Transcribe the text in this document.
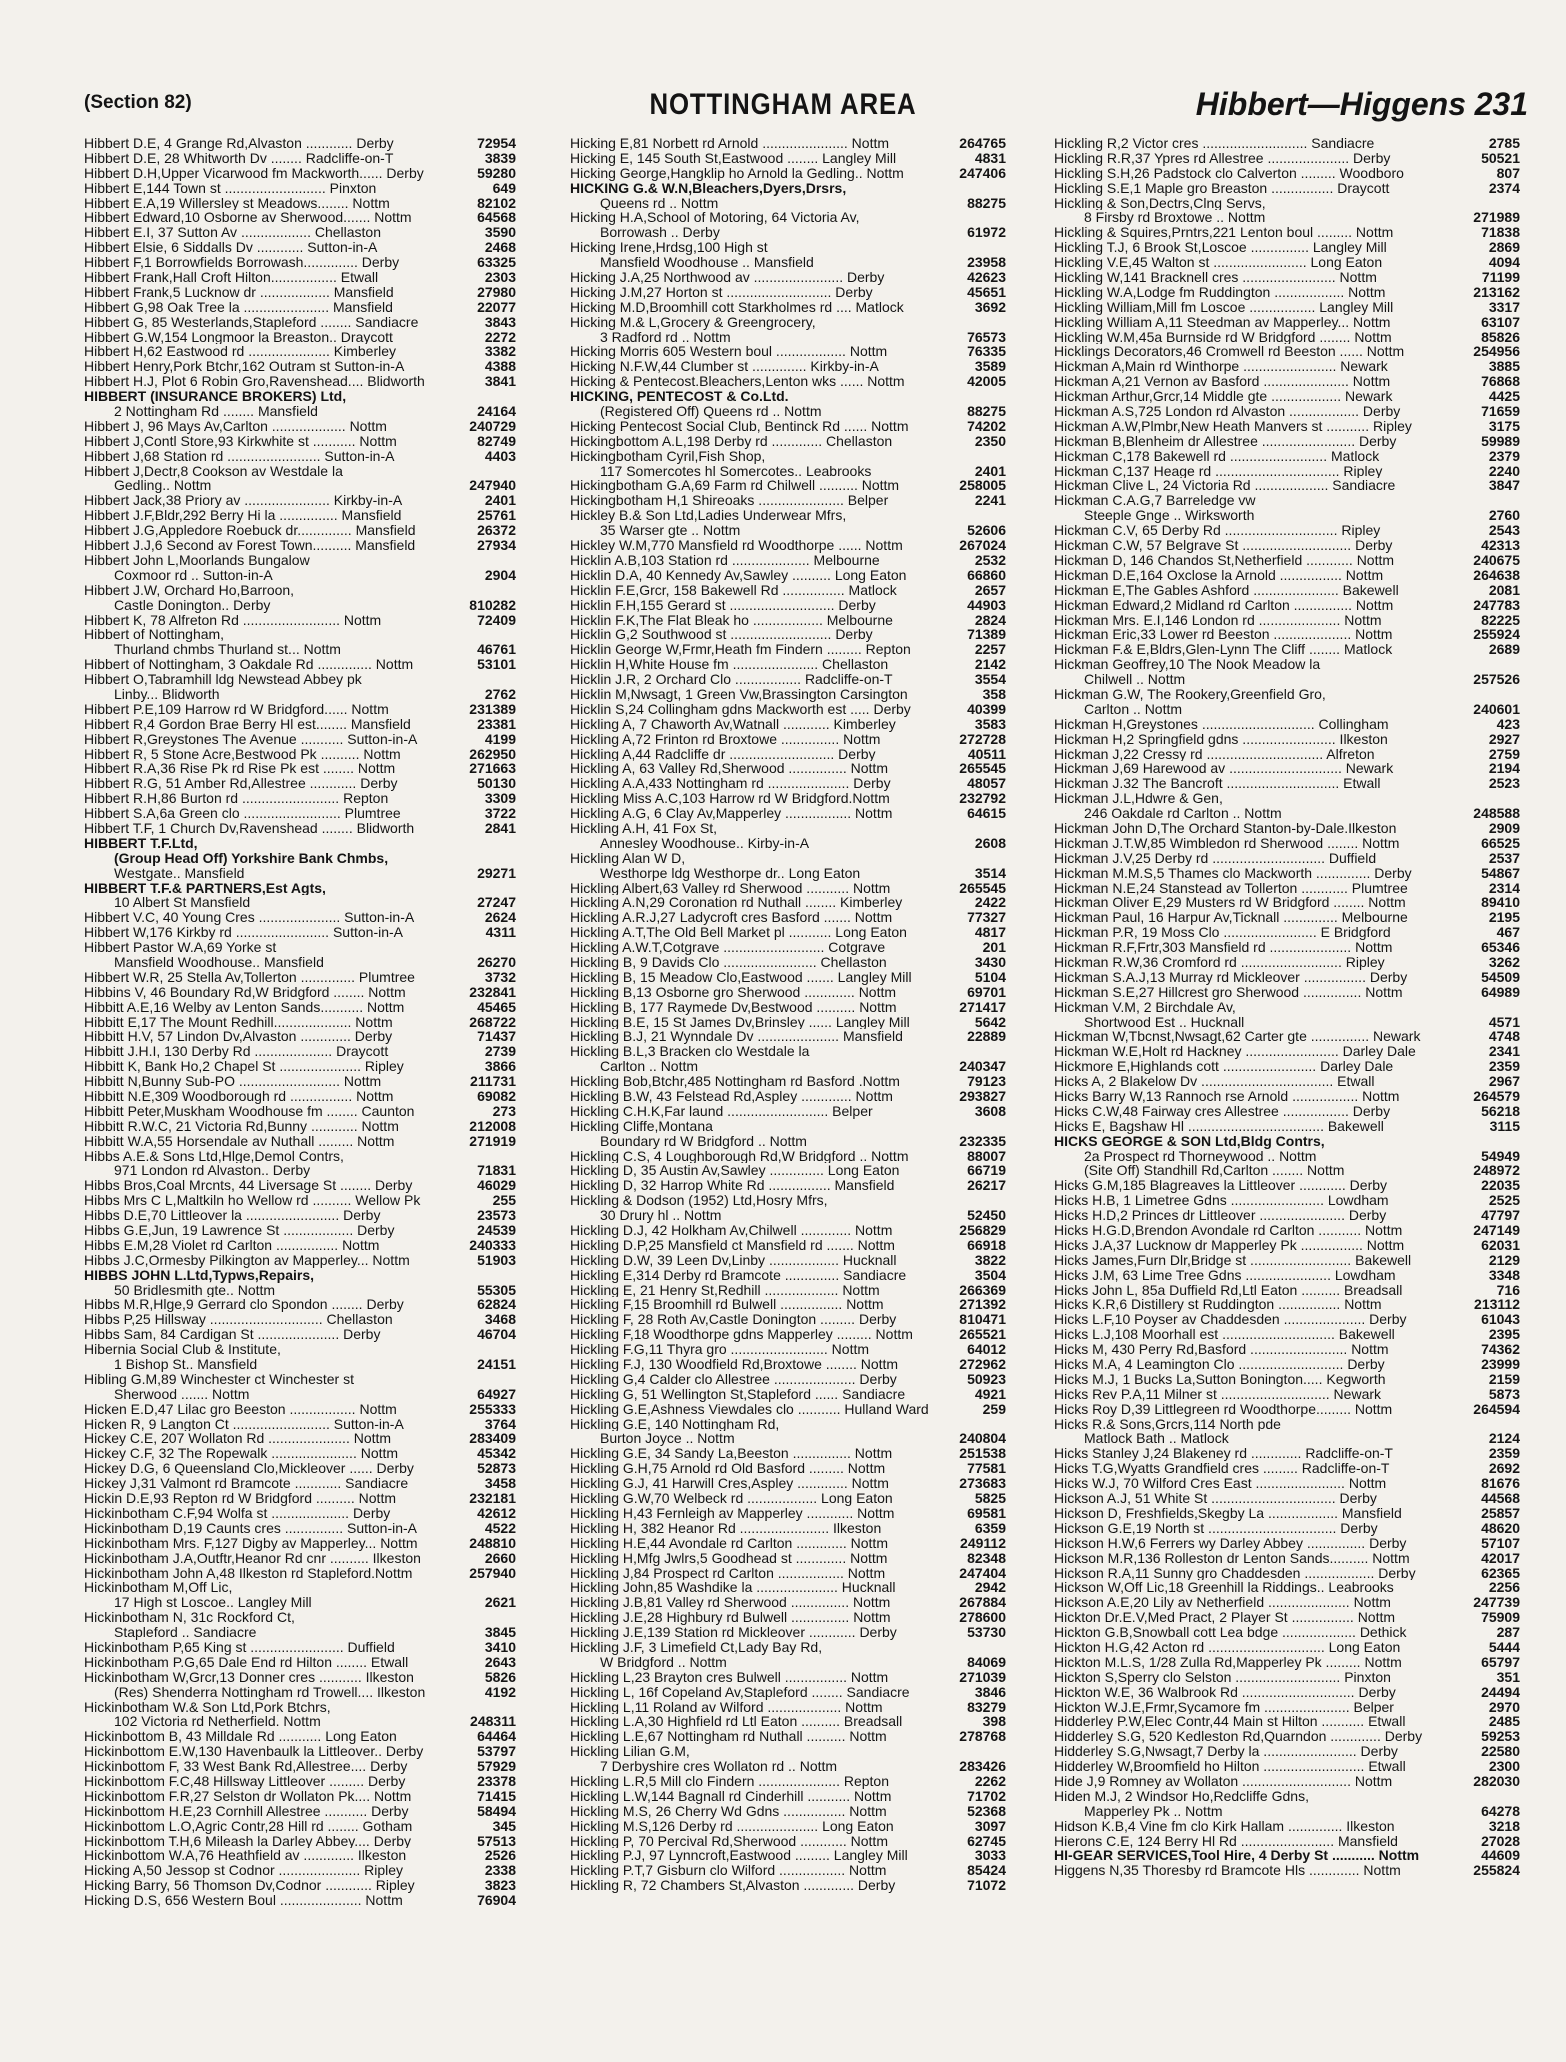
(Section 82)	NOTTINGHAM AREA	Hibbert—Higgens 231
Hibbert D.E, 4 Grange Rd,Alvaston ............ Derby	72954
Hibbert D.E, 28 Whitworth Dv ........ Radcliffe-on-T	3839
Hibbert D.H,Upper Vicarwood fm Mackworth...... Derby	59280
Hibbert E,144 Town st .......................... Pinxton	649
Hibbert E.A,19 Willersley st Meadows........ Nottm	82102
Hibbert Edward,10 Osborne av Sherwood....... Nottm	64568
Hibbert E.I, 37 Sutton Av .................. Chellaston	3590
Hibbert Elsie, 6 Siddalls Dv ............ Sutton-in-A	2468
Hibbert F,1 Borrowfields Borrowash.............. Derby	63325
Hibbert Frank,Hall Croft Hilton................. Etwall	2303
Hibbert Frank,5 Lucknow dr .................. Mansfield	27980
Hibbert G,98 Oak Tree la ...................... Mansfield	22077
Hibbert G, 85 Westerlands,Stapleford ........ Sandiacre	3843
Hibbert G.W,154 Longmoor la Breaston.. Draycott	2272
Hibbert H,62 Eastwood rd ..................... Kimberley	3382
Hibbert Henry,Pork Btchr,162 Outram st Sutton-in-A	4388
Hibbert H.J, Plot 6 Robin Gro,Ravenshead.... Blidworth	3841
HIBBERT (INSURANCE BROKERS) Ltd,
2 Nottingham Rd ........ Mansfield	24164
Hibbert J, 96 Mays Av,Carlton ................... Nottm	240729
Hibbert J,Contl Store,93 Kirkwhite st ........... Nottm	82749
Hibbert J,68 Station rd ........................ Sutton-in-A	4403
Hibbert J,Dectr,8 Cookson av Westdale la
Gedling.. Nottm	247940
Hibbert Jack,38 Priory av ...................... Kirkby-in-A	2401
Hibbert J.F,Bldr,292 Berry Hi la ............... Mansfield	25761
Hibbert J.G,Appledore Roebuck dr.............. Mansfield	26372
Hibbert J.J,6 Second av Forest Town.......... Mansfield	27934
Hibbert John L,Moorlands Bungalow
Coxmoor rd .. Sutton-in-A	2904
Hibbert J.W, Orchard Ho,Barroon,
Castle Donington.. Derby	810282
Hibbert K, 78 Alfreton Rd ......................... Nottm	72409
Hibbert of Nottingham,
Thurland chmbs Thurland st... Nottm	46761
Hibbert of Nottingham, 3 Oakdale Rd .............. Nottm	53101
Hibbert O,Tabramhill ldg Newstead Abbey pk
Linby... Blidworth	2762
Hibbert P.E,109 Harrow rd W Bridgford...... Nottm	231389
Hibbert R,4 Gordon Brae Berry Hl est........ Mansfield	23381
Hibbert R,Greystones The Avenue ........... Sutton-in-A	4199
Hibbert R, 5 Stone Acre,Bestwood Pk .......... Nottm	262950
Hibbert R.A,36 Rise Pk rd Rise Pk est ........ Nottm	271663
Hibbert R.G, 51 Amber Rd,Allestree ............ Derby	50130
Hibbert R.H,86 Burton rd ......................... Repton	3309
Hibbert S.A,6a Green clo ......................... Plumtree	3722
Hibbert T.F, 1 Church Dv,Ravenshead ........ Blidworth	2841
HIBBERT T.F.Ltd,
(Group Head Off) Yorkshire Bank Chmbs,
Westgate.. Mansfield	29271
HIBBERT T.F.& PARTNERS,Est Agts,
10 Albert St Mansfield	27247
Hibbert V.C, 40 Young Cres ..................... Sutton-in-A	2624
Hibbert W,176 Kirkby rd ........................ Sutton-in-A	4311
Hibbert Pastor W.A,69 Yorke st
Mansfield Woodhouse.. Mansfield	26270
Hibbert W.R, 25 Stella Av,Tollerton .............. Plumtree	3732
Hibbins V, 46 Boundary Rd,W Bridgford ........ Nottm	232841
Hibbitt A.E,16 Welby av Lenton Sands........... Nottm	45465
Hibbitt E,17 The Mount Redhill.................... Nottm	268722
Hibbitt H.V, 57 Lindon Dv,Alvaston ............. Derby	71437
Hibbitt J.H.I, 130 Derby Rd .................... Draycott	2739
Hibbitt K, Bank Ho,2 Chapel St ..................... Ripley	3866
Hibbitt N,Bunny Sub-PO .......................... Nottm	211731
Hibbitt N.E,309 Woodborough rd ................ Nottm	69082
Hibbitt Peter,Muskham Woodhouse fm ........ Caunton	273
Hibbitt R.W.C, 21 Victoria Rd,Bunny ............ Nottm	212008
Hibbitt W.A,55 Horsendale av Nuthall ......... Nottm	271919
Hibbs A.E.& Sons Ltd,Hlge,Demol Contrs,
971 London rd Alvaston.. Derby	71831
Hibbs Bros,Coal Mrcnts, 44 Liversage St ........ Derby	46029
Hibbs Mrs C L,Maltkiln ho Wellow rd .......... Wellow Pk	255
Hibbs D.E,70 Littleover la ........................ Derby	23573
Hibbs G.E,Jun, 19 Lawrence St .................. Derby	24539
Hibbs E.M,28 Violet rd Carlton ................ Nottm	240333
Hibbs J.C,Ormesby Pilkington av Mapperley... Nottm	51903
HIBBS JOHN L.Ltd,Typws,Repairs,
50 Bridlesmith gte.. Nottm	55305
Hibbs M.R,Hlge,9 Gerrard clo Spondon ........ Derby	62824
Hibbs P,25 Hillsway ............................. Chellaston	3468
Hibbs Sam, 84 Cardigan St ..................... Derby	46704
Hibernia Social Club & Institute,
1 Bishop St.. Mansfield	24151
Hibling G.M,89 Winchester ct Winchester st
Sherwood ....... Nottm	64927
Hicken E.D,47 Lilac gro Beeston ................. Nottm	255333
Hicken R, 9 Langton Ct ......................... Sutton-in-A	3764
Hickey C.E, 207 Wollaton Rd ..................... Nottm	283409
Hickey C.F, 32 The Ropewalk ...................... Nottm	45342
Hickey D.G, 6 Queensland Clo,Mickleover ...... Derby	52873
Hickey J,31 Valmont rd Bramcote ............ Sandiacre	3458
Hickin D.E,93 Repton rd W Bridgford .......... Nottm	232181
Hickinbotham C.F,94 Wolfa st .................... Derby	42612
Hickinbotham D,19 Caunts cres ............... Sutton-in-A	4522
Hickinbotham Mrs. F,127 Digby av Mapperley... Nottm	248810
Hickinbotham J.A,Outftr,Heanor Rd cnr .......... Ilkeston	2660
Hickinbotham John A,48 Ilkeston rd Stapleford.Nottm	257940
Hickinbotham M,Off Lic,
17 High st Loscoe.. Langley Mill	2621
Hickinbotham N, 31c Rockford Ct,
Stapleford .. Sandiacre	3845
Hickinbotham P,65 King st ........................ Duffield	3410
Hickinbotham P.G,65 Dale End rd Hilton ........ Etwall	2643
Hickinbotham W,Grcr,13 Donner cres ........... Ilkeston	5826
(Res) Shenderra Nottingham rd Trowell.... Ilkeston	4192
Hickinbotham W.& Son Ltd,Pork Btchrs,
102 Victoria rd Netherfield. Nottm	248311
Hickinbottom B, 43 Milldale Rd ........... Long Eaton	64464
Hickinbottom E.W,130 Havenbaulk la Littleover.. Derby	53797
Hickinbottom F, 33 West Bank Rd,Allestree.... Derby	57929
Hickinbottom F.C,48 Hillsway Littleover ......... Derby	23378
Hickinbottom F.R,27 Selston dr Wollaton Pk.... Nottm	71415
Hickinbottom H.E,23 Cornhill Allestree ........... Derby	58494
Hickinbottom L.O,Agric Contr,28 Hill rd ........ Gotham	345
Hickinbottom T.H,6 Mileash la Darley Abbey.... Derby	57513
Hickinbottom W.A,76 Heathfield av ............. Ilkeston	2526
Hicking A,50 Jessop st Codnor ..................... Ripley	2338
Hicking Barry, 56 Thomson Dv,Codnor ............ Ripley	3823
Hicking D.S, 656 Western Boul ..................... Nottm	76904
Hicking E,81 Norbett rd Arnold ...................... Nottm	264765
Hicking E, 145 South St,Eastwood ........ Langley Mill	4831
Hicking George,Hangklip ho Arnold la Gedling.. Nottm	247406
HICKING G.& W.N,Bleachers,Dyers,Drsrs,
Queens rd .. Nottm	88275
Hicking H.A,School of Motoring, 64 Victoria Av,
Borrowash .. Derby	61972
Hicking Irene,Hrdsg,100 High st
Mansfield Woodhouse .. Mansfield	23958
Hicking J.A,25 Northwood av ....................... Derby	42623
Hicking J.M,27 Horton st ........................... Derby	45651
Hicking M.D,Broomhill cott Starkholmes rd .... Matlock	3692
Hicking M.& L,Grocery & Greengrocery,
3 Radford rd .. Nottm	76573
Hicking Morris 605 Western boul .................. Nottm	76335
Hicking N.F.W,44 Clumber st .............. Kirkby-in-A	3589
Hicking & Pentecost.Bleachers,Lenton wks ...... Nottm	42005
HICKING, PENTECOST & Co.Ltd.
(Registered Off) Queens rd .. Nottm	88275
Hicking Pentecost Social Club, Bentinck Rd ...... Nottm	74202
Hickingbottom A.L,198 Derby rd ............. Chellaston	2350
Hickingbotham Cyril,Fish Shop,
117 Somercotes hl Somercotes.. Leabrooks	2401
Hickingbotham G.A,69 Farm rd Chilwell .......... Nottm	258005
Hickingbotham H,1 Shireoaks ...................... Belper	2241
Hickley B.& Son Ltd,Ladies Underwear Mfrs,
35 Warser gte .. Nottm	52606
Hickley W.M,770 Mansfield rd Woodthorpe ...... Nottm	267024
Hicklin A.B,103 Station rd .................... Melbourne	2532
Hicklin D.A, 40 Kennedy Av,Sawley .......... Long Eaton	66860
Hicklin F.E,Grcr, 158 Bakewell Rd ................ Matlock	2657
Hicklin F.H,155 Gerard st ........................... Derby	44903
Hicklin F.K,The Flat Bleak ho .................. Melbourne	2824
Hicklin G,2 Southwood st .......................... Derby	71389
Hicklin George W,Frmr,Heath fm Findern ......... Repton	2257
Hicklin H,White House fm ...................... Chellaston	2142
Hicklin J.R, 2 Orchard Clo ................. Radcliffe-on-T	3554
Hicklin M,Nwsagt, 1 Green Vw,Brassington Carsington	358
Hicklin S,24 Collingham gdns Mackworth est ..... Derby	40399
Hickling A, 7 Chaworth Av,Watnall ............ Kimberley	3583
Hickling A,72 Frinton rd Broxtowe ............... Nottm	272728
Hickling A,44 Radcliffe dr ........................... Derby	40511
Hickling A, 63 Valley Rd,Sherwood ............... Nottm	265545
Hickling A.A,433 Nottingham rd ..................... Derby	48057
Hickling Miss A.C,103 Harrow rd W Bridgford.Nottm	232792
Hickling A.G, 6 Clay Av,Mapperley ................. Nottm	64615
Hickling A.H, 41 Fox St,
Annesley Woodhouse.. Kirby-in-A	2608
Hickling Alan W D,
Westhorpe ldg Westhorpe dr.. Long Eaton	3514
Hickling Albert,63 Valley rd Sherwood ........... Nottm	265545
Hickling A.N,29 Coronation rd Nuthall ........ Kimberley	2422
Hickling A.R.J,27 Ladycroft cres Basford ....... Nottm	77327
Hickling A.T,The Old Bell Market pl ........... Long Eaton	4817
Hickling A.W.T,Cotgrave .......................... Cotgrave	201
Hickling B, 9 Davids Clo ........................ Chellaston	3430
Hickling B, 15 Meadow Clo,Eastwood ....... Langley Mill	5104
Hickling B,13 Osborne gro Sherwood ............. Nottm	69701
Hickling B, 177 Raymede Dv,Bestwood .......... Nottm	271417
Hickling B.E, 15 St James Dv,Brinsley ...... Langley Mill	5642
Hickling B.J, 21 Wynndale Dv ..................... Mansfield	22889
Hickling B.L,3 Bracken clo Westdale la
Carlton .. Nottm	240347
Hickling Bob,Btchr,485 Nottingham rd Basford .Nottm	79123
Hickling B.W, 43 Felstead Rd,Aspley ............. Nottm	293827
Hickling C.H.K,Far laund .......................... Belper	3608
Hickling Cliffe,Montana
Boundary rd W Bridgford .. Nottm	232335
Hickling C.S, 4 Loughborough Rd,W Bridgford .. Nottm	88007
Hickling D, 35 Austin Av,Sawley .............. Long Eaton	66719
Hickling D, 32 Harrop White Rd ................ Mansfield	26217
Hickling & Dodson (1952) Ltd,Hosry Mfrs,
30 Drury hl .. Nottm	52450
Hickling D.J, 42 Holkham Av,Chilwell ............. Nottm	256829
Hickling D.P,25 Mansfield ct Mansfield rd ....... Nottm	66918
Hickling D.W, 39 Leen Dv,Linby .................. Hucknall	3822
Hickling E,314 Derby rd Bramcote .............. Sandiacre	3504
Hickling E, 21 Henry St,Redhill ................... Nottm	266369
Hickling F,15 Broomhill rd Bulwell ................ Nottm	271392
Hickling F, 28 Roth Av,Castle Donington ......... Derby	810471
Hickling F,18 Woodthorpe gdns Mapperley ......... Nottm	265521
Hickling F.G,11 Thyra gro ......................... Nottm	64012
Hickling F.J, 130 Woodfield Rd,Broxtowe ........ Nottm	272962
Hickling G,4 Calder clo Allestree ..................... Derby	50923
Hickling G, 51 Wellington St,Stapleford ...... Sandiacre	4921
Hickling G.E,Ashness Viewdales clo ........... Hulland Ward	259
Hickling G.E, 140 Nottingham Rd,
Burton Joyce .. Nottm	240804
Hickling G.E, 34 Sandy La,Beeston ............... Nottm	251538
Hickling G.H,75 Arnold rd Old Basford ......... Nottm	77581
Hickling G.J, 41 Harwill Cres,Aspley ............. Nottm	273683
Hickling G.W,70 Welbeck rd .................. Long Eaton	5825
Hickling H,43 Fernleigh av Mapperley ............ Nottm	69581
Hickling H, 382 Heanor Rd ....................... Ilkeston	6359
Hickling H.E,44 Avondale rd Carlton ............. Nottm	249112
Hickling H,Mfg Jwlrs,5 Goodhead st ............. Nottm	82348
Hickling J,84 Prospect rd Carlton ................. Nottm	247404
Hickling John,85 Washdike la ..................... Hucknall	2942
Hickling J.B,81 Valley rd Sherwood ............... Nottm	267884
Hickling J.E,28 Highbury rd Bulwell ............... Nottm	278600
Hickling J.E,139 Station rd Mickleover ............ Derby	53730
Hickling J.F, 3 Limefield Ct,Lady Bay Rd,
W Bridgford .. Nottm	84069
Hickling L,23 Brayton cres Bulwell ................ Nottm	271039
Hickling L, 16f Copeland Av,Stapleford ........ Sandiacre	3846
Hickling L,11 Roland av Wilford ................... Nottm	83279
Hickling L.A,30 Highfield rd Ltl Eaton .......... Breadsall	398
Hickling L.E,67 Nottingham rd Nuthall .......... Nottm	278768
Hickling Lilian G.M,
7 Derbyshire cres Wollaton rd .. Nottm	283426
Hickling L.R,5 Mill clo Findern ..................... Repton	2262
Hickling L.W,144 Bagnall rd Cinderhill ........... Nottm	71702
Hickling M.S, 26 Cherry Wd Gdns ................ Nottm	52368
Hickling M.S,126 Derby rd ..................... Long Eaton	3097
Hickling P, 70 Percival Rd,Sherwood ............ Nottm	62745
Hickling P.J, 97 Lynncroft,Eastwood ......... Langley Mill	3033
Hickling P.T,7 Gisburn clo Wilford ................. Nottm	85424
Hickling R, 72 Chambers St,Alvaston ............. Derby	71072
Hickling R,2 Victor cres ........................... Sandiacre	2785
Hickling R.R,37 Ypres rd Allestree ..................... Derby	50521
Hickling S.H,26 Padstock clo Calverton ......... Woodboro	807
Hickling S.E,1 Maple gro Breaston ................ Draycott	2374
Hickling & Son,Dectrs,Clng Servs,
8 Firsby rd Broxtowe .. Nottm	271989
Hickling & Squires,Prntrs,221 Lenton boul ......... Nottm	71838
Hickling T.J, 6 Brook St,Loscoe ............... Langley Mill	2869
Hickling V.E,45 Walton st ........................ Long Eaton	4094
Hickling W,141 Bracknell cres ........................ Nottm	71199
Hickling W.A,Lodge fm Ruddington .................. Nottm	213162
Hickling William,Mill fm Loscoe ................. Langley Mill	3317
Hickling William A,11 Steedman av Mapperley... Nottm	63107
Hickling W.M,45a Burnside rd W Bridgford ........ Nottm	85826
Hicklings Decorators,46 Cromwell rd Beeston ...... Nottm	254956
Hickman A,Main rd Winthorpe ........................ Newark	3885
Hickman A,21 Vernon av Basford ...................... Nottm	76868
Hickman Arthur,Grcr,14 Middle gte .................. Newark	4425
Hickman A.S,725 London rd Alvaston .................. Derby	71659
Hickman A.W,Plmbr,New Heath Manvers st ........... Ripley	3175
Hickman B,Blenheim dr Allestree ........................ Derby	59989
Hickman C,178 Bakewell rd ......................... Matlock	2379
Hickman C,137 Heage rd ................................ Ripley	2240
Hickman Clive L, 24 Victoria Rd ................... Sandiacre	3847
Hickman C.A.G,7 Barreledge vw
Steeple Gnge .. Wirksworth	2760
Hickman C.V, 65 Derby Rd ............................. Ripley	2543
Hickman C.W, 57 Belgrave St ............................ Derby	42313
Hickman D, 146 Chandos St,Netherfield ............ Nottm	240675
Hickman D.E,164 Oxclose la Arnold ................ Nottm	264638
Hickman E,The Gables Ashford ...................... Bakewell	2081
Hickman Edward,2 Midland rd Carlton ............... Nottm	247783
Hickman Mrs. E.I,146 London rd ..................... Nottm	82225
Hickman Eric,33 Lower rd Beeston .................... Nottm	255924
Hickman F.& E,Bldrs,Glen-Lynn The Cliff ........ Matlock	2689
Hickman Geoffrey,10 The Nook Meadow la
Chilwell .. Nottm	257526
Hickman G.W, The Rookery,Greenfield Gro,
Carlton .. Nottm	240601
Hickman H,Greystones ............................. Collingham	423
Hickman H,2 Springfield gdns ........................ Ilkeston	2927
Hickman J,22 Cressy rd .............................. Alfreton	2759
Hickman J,69 Harewood av ............................. Newark	2194
Hickman J.32 The Bancroft ............................. Etwall	2523
Hickman J.L,Hdwre & Gen,
246 Oakdale rd Carlton .. Nottm	248588
Hickman John D,The Orchard Stanton-by-Dale.Ilkeston	2909
Hickman J.T.W,85 Wimbledon rd Sherwood ........ Nottm	66525
Hickman J.V,25 Derby rd ............................. Duffield	2537
Hickman M.M.S,5 Thames clo Mackworth .............. Derby	54867
Hickman N.E,24 Stanstead av Tollerton ............ Plumtree	2314
Hickman Oliver E,29 Musters rd W Bridgford ........ Nottm	89410
Hickman Paul, 16 Harpur Av,Ticknall .............. Melbourne	2195
Hickman P.R, 19 Moss Clo ........................ E Bridgford	467
Hickman R.F,Frtr,303 Mansfield rd ..................... Nottm	65346
Hickman R.W,36 Cromford rd .......................... Ripley	3262
Hickman S.A.J,13 Murray rd Mickleover ................ Derby	54509
Hickman S.E,27 Hillcrest gro Sherwood ............... Nottm	64989
Hickman V.M, 2 Birchdale Av,
Shortwood Est .. Hucknall	4571
Hickman W,Tbcnst,Nwsagt,62 Carter gte ............... Newark	4748
Hickman W.E,Holt rd Hackney ........................ Darley Dale	2341
Hickmore E,Highlands cott ........................ Darley Dale	2359
Hicks A, 2 Blakelow Dv .................................. Etwall	2967
Hicks Barry W,13 Rannoch rse Arnold ................. Nottm	264579
Hicks C.W,48 Fairway cres Allestree ................. Derby	56218
Hicks E, Bagshaw Hl ................................... Bakewell	3115
HICKS GEORGE & SON Ltd,Bldg Contrs,
2a Prospect rd Thorneywood .. Nottm	54949
(Site Off) Standhill Rd,Carlton ........ Nottm	248972
Hicks G.M,185 Blagreaves la Littleover ............ Derby	22035
Hicks H.B, 1 Limetree Gdns ........................ Lowdham	2525
Hicks H.D,2 Princes dr Littleover ...................... Derby	47797
Hicks H.G.D,Brendon Avondale rd Carlton ........... Nottm	247149
Hicks J.A,37 Lucknow dr Mapperley Pk ................ Nottm	62031
Hicks James,Furn Dlr,Bridge st .......................... Bakewell	2129
Hicks J.M, 63 Lime Tree Gdns ...................... Lowdham	3348
Hicks John L, 85a Duffield Rd,Ltl Eaton .......... Breadsall	716
Hicks K.R,6 Distillery st Ruddington ................ Nottm	213112
Hicks L.F,10 Poyser av Chaddesden ..................... Derby	61043
Hicks L.J,108 Moorhall est ............................. Bakewell	2395
Hicks M, 430 Perry Rd,Basford ......................... Nottm	74362
Hicks M.A, 4 Leamington Clo ........................... Derby	23999
Hicks M.J, 1 Bucks La,Sutton Bonington..... Kegworth	2159
Hicks Rev P.A,11 Milner st ............................ Newark	5873
Hicks Roy D,39 Littlegreen rd Woodthorpe......... Nottm	264594
Hicks R.& Sons,Grcrs,114 North pde
Matlock Bath .. Matlock	2124
Hicks Stanley J,24 Blakeney rd ............. Radcliffe-on-T	2359
Hicks T.G,Wyatts Grandfield cres ......... Radcliffe-on-T	2692
Hicks W.J, 70 Wilford Cres East ....................... Nottm	81676
Hickson A.J, 51 White St ................................ Derby	44568
Hickson D, Freshfields,Skegby La .................. Mansfield	25857
Hickson G.E,19 North st ................................. Derby	48620
Hickson H.W,6 Ferrers wy Darley Abbey ............... Derby	57107
Hickson M.R,136 Rolleston dr Lenton Sands.......... Nottm	42017
Hickson R.A,11 Sunny gro Chaddesden .................. Derby	62365
Hickson W,Off Lic,18 Greenhill la Riddings.. Leabrooks	2256
Hickson A.E,20 Lily av Netherfield ..................... Nottm	247739
Hickton Dr.E.V,Med Pract, 2 Player St ................ Nottm	75909
Hickton G.B,Snowball cott Lea bdge ................... Dethick	287
Hickton H.G,42 Acton rd .............................. Long Eaton	5444
Hickton M.L.S, 1/28 Zulla Rd,Mapperley Pk ......... Nottm	65797
Hickton S,Sperry clo Selston ........................... Pinxton	351
Hickton W.E, 36 Walbrook Rd ............................. Derby	24494
Hickton W.J.E,Frmr,Sycamore fm ...................... Belper	2970
Hidderley P.W,Elec Contr,44 Main st Hilton ........... Etwall	2485
Hidderley S.G, 520 Kedleston Rd,Quarndon ............. Derby	59253
Hidderley S.G,Nwsagt,7 Derby la ........................ Derby	22580
Hidderley W,Broomfield ho Hilton .......................... Etwall	2300
Hide J,9 Romney av Wollaton ............................ Nottm	282030
Hiden M.J, 2 Windsor Ho,Redcliffe Gdns,
Mapperley Pk .. Nottm	64278
Hidson K.B,4 Vine fm clo Kirk Hallam .............. Ilkeston	3218
Hierons C.E, 124 Berry Hl Rd ........................ Mansfield	27028
HI-GEAR SERVICES,Tool Hire, 4 Derby St ........... Nottm	44609
Higgens N,35 Thoresby rd Bramcote Hls ............. Nottm	255824
